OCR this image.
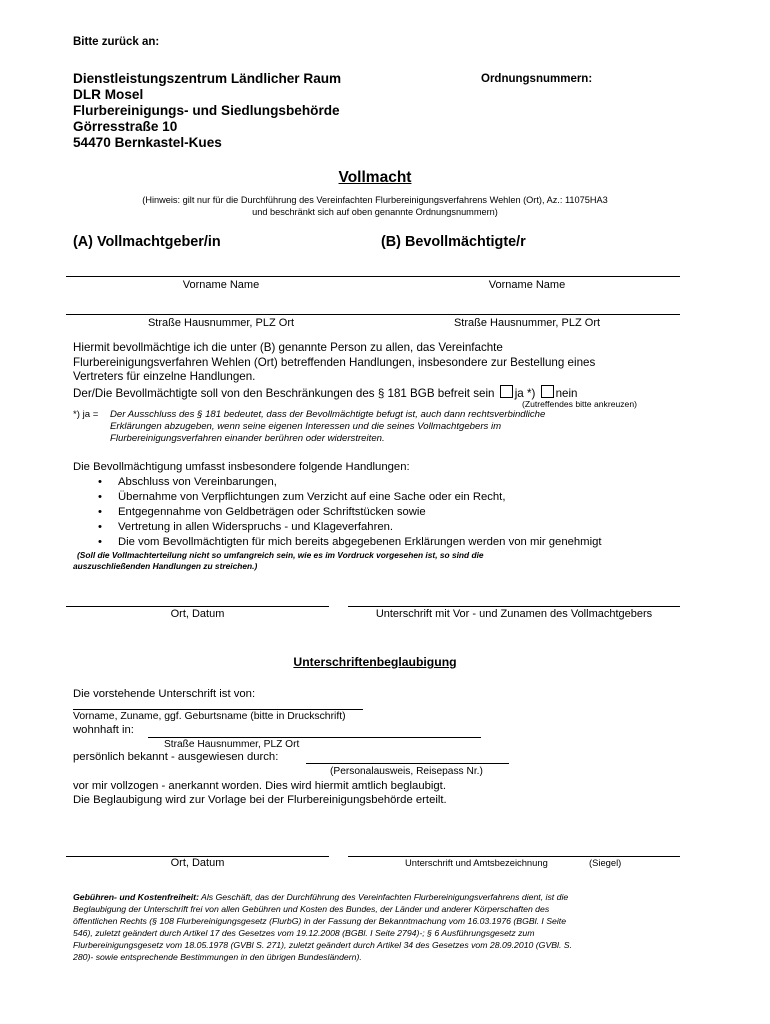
Bitte zurück an:
Dienstleistungszentrum Ländlicher Raum
DLR Mosel
Flurbereinigungs- und Siedlungsbehörde
Görresstraße 10
54470 Bernkastel-Kues
Ordnungsnummern:
Vollmacht
(Hinweis: gilt nur für die Durchführung des Vereinfachten Flurbereinigungsverfahrens Wehlen (Ort), Az.: 11075HA3
und beschränkt sich auf oben genannte Ordnungsnummern)
(A) Vollmachtgeber/in	(B) Bevollmächtigte/r
Vorname Name	Vorname Name
Straße Hausnummer, PLZ Ort	Straße Hausnummer, PLZ Ort
Hiermit bevollmächtige ich die unter (B) genannte Person zu allen, das Vereinfachte
Flurbereinigungsverfahren Wehlen (Ort) betreffenden Handlungen, insbesondere zur Bestellung eines
Vertreters für einzelne Handlungen.
Der/Die Bevollmächtigte soll von den Beschränkungen des § 181 BGB befreit sein ja *) nein
(Zutreffendes bitte ankreuzen)
*) ja = Der Ausschluss des § 181 bedeutet, dass der Bevollmächtigte befugt ist, auch dann rechtsverbindliche
Erklärungen abzugeben, wenn seine eigenen Interessen und die seines Vollmachtgebers im
Flurbereinigungsverfahren einander berühren oder widerstreiten.
Die Bevollmächtigung umfasst insbesondere folgende Handlungen:
• Abschluss von Vereinbarungen,
• Übernahme von Verpflichtungen zum Verzicht auf eine Sache oder ein Recht,
• Entgegennahme von Geldbeträgen oder Schriftstücken sowie
• Vertretung in allen Widerspruchs - und Klageverfahren.
• Die vom Bevollmächtigten für mich bereits abgegebenen Erklärungen werden von mir genehmigt
(Soll die Vollmachterteilung nicht so umfangreich sein, wie es im Vordruck vorgesehen ist, so sind die
auszuschließenden Handlungen zu streichen.)
Ort, Datum	Unterschrift mit Vor - und Zunamen des Vollmachtgebers
Unterschriftenbeglaubigung
Die vorstehende Unterschrift ist von:
Vorname, Zuname, ggf. Geburtsname (bitte in Druckschrift)
wohnhaft in:
Straße Hausnummer, PLZ Ort
persönlich bekannt - ausgewiesen durch:
(Personalausweis, Reisepass Nr.)
vor mir vollzogen - anerkannt worden. Dies wird hiermit amtlich beglaubigt.
Die Beglaubigung wird zur Vorlage bei der Flurbereinigungsbehörde erteilt.
Ort, Datum	Unterschrift und Amtsbezeichnung	(Siegel)
Gebühren- und Kostenfreiheit: Als Geschäft, das der Durchführung des Vereinfachten Flurbereinigungsverfahrens dient, ist die
Beglaubigung der Unterschrift frei von allen Gebühren und Kosten des Bundes, der Länder und anderer Körperschaften des
öffentlichen Rechts (§ 108 Flurbereinigungsgesetz (FlurbG) in der Fassung der Bekanntmachung vom 16.03.1976 (BGBl. I Seite
546), zuletzt geändert durch Artikel 17 des Gesetzes vom 19.12.2008 (BGBl. I Seite 2794)-; § 6 Ausführungsgesetz zum
Flurbereinigungsgesetz vom 18.05.1978 (GVBl S. 271), zuletzt geändert durch Artikel 34 des Gesetzes vom 28.09.2010 (GVBl. S.
280)- sowie entsprechende Bestimmungen in den übrigen Bundesländern).
